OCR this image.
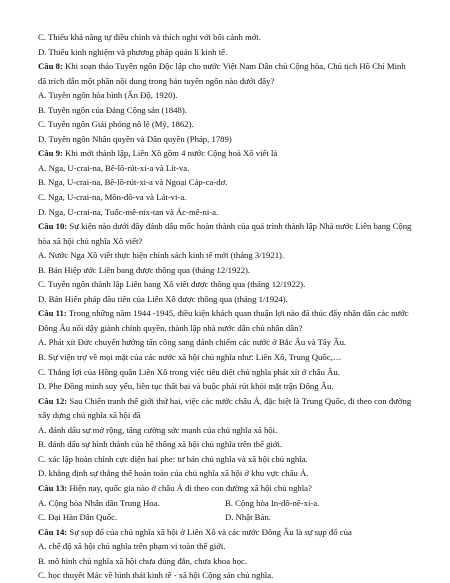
C. Thiếu khả năng tự điều chỉnh và thích nghi với bối cảnh mới.
D. Thiếu kinh nghiệm và phương pháp quản lí kinh tế.
Câu 8: Khi soạn thảo Tuyên ngôn Độc lập cho nước Việt Nam Dân chủ Cộng hòa, Chủ tịch Hồ Chí Minh đã trích dẫn một phần nội dung trong bản tuyên ngôn nào dưới đây?
A. Tuyên ngôn hòa bình (Ấn Độ, 1920).
B. Tuyên ngôn của Đảng Cộng sản (1848).
C. Tuyên ngôn Giải phóng nô lệ (Mỹ, 1862).
D. Tuyên ngôn Nhân quyền và Dân quyền (Pháp, 1789)
Câu 9: Khi mới thành lập, Liên Xô gồm 4 nước Cộng hoà Xô viết là
A. Nga, U-crai-na, Bê-lô-rút-xi-a và Lít-va.
B. Nga, U-crai-na, Bê-lô-rút-xi-a và Ngoại Cáp-ca-dơ.
C. Nga, U-crai-na, Môn-đô-va và Lát-vi-a.
D. Nga, U-crai-na, Tuốc-mê-nix-tan và Ác-mê-ni-a.
Câu 10: Sự kiện nào dưới đây đánh dấu mốc hoàn thành của quá trình thành lập Nhà nước Liên bang Cộng hòa xã hội chủ nghĩa Xô viết?
A. Nước Nga Xô viết thực hiện chính sách kinh tế mới (tháng 3/1921).
B. Bản Hiệp ước Liên bang được thông qua (tháng 12/1922).
C. Tuyên ngôn thành lập Liên bang Xô viết được thông qua (tháng 12/1922).
D. Bản Hiến pháp đầu tiên của Liên Xô được thông qua (tháng 1/1924).
Câu 11: Trong những năm 1944 -1945, điều kiện khách quan thuận lợi nào đã thúc đẩy nhân dân các nước Đông Âu nổi dậy giành chính quyền, thành lập nhà nước dân chủ nhân dân?
A. Phát xít Đức chuyển hướng tấn công sang đánh chiếm các nước ở Bắc Âu và Tây Âu.
B. Sự viện trợ về mọi mặt của các nước xã hội chủ nghĩa như: Liên Xô, Trung Quốc,…
C. Thắng lợi của Hồng quân Liên Xô trong việc tiêu diệt chủ nghĩa phát xít ở châu Âu.
D. Phe Đồng minh suy yếu, liên tục thất bại và buộc phải rút khỏi mặt trận Đông Âu.
Câu 12: Sau Chiến tranh thế giới thứ hai, việc các nước châu Á, đặc biệt là Trung Quốc, đi theo con đường xây dựng chủ nghĩa xã hội đã
A. đánh dấu sự mở rộng, tăng cường sức mạnh của chủ nghĩa xã hội.
B. đánh dấu sự hình thành của hệ thống xã hội chủ nghĩa trên thế giới.
C. xác lập hoàn chỉnh cực diện hai phe: tư bản chủ nghĩa và xã hội chủ nghĩa.
D. khẳng định sự thắng thế hoàn toàn của chủ nghĩa xã hội ở khu vực châu Á.
Câu 13: Hiện nay, quốc gia nào ở châu Á đi theo con đường xã hội chủ nghĩa?
A. Cộng hòa Nhân dân Trung Hoa.	B. Cộng hòa In-đô-nê-xi-a.
C. Đại Hàn Dân Quốc.	D. Nhật Bản.
Câu 14: Sự sụp đổ của chủ nghĩa xã hội ở Liên Xô và các nước Đông Âu là sự sụp đổ của
A. chế độ xã hội chủ nghĩa trên phạm vi toàn thế giới.
B. mô hình chủ nghĩa xã hội chưa đúng đắn, chưa khoa học.
C. học thuyết Mác về hình thái kinh tế - xã hội Cộng sản chủ nghĩa.
